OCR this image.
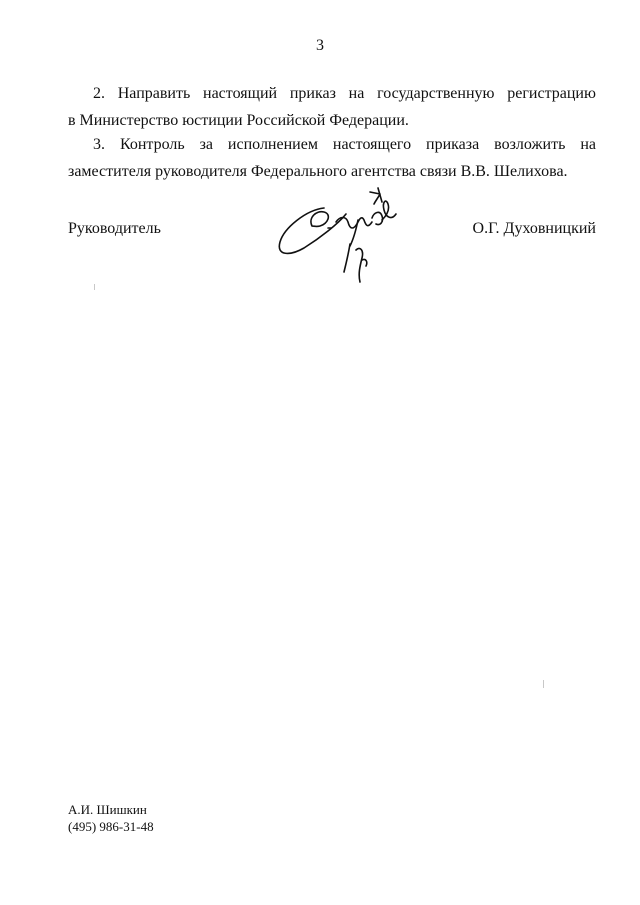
3
2. Направить настоящий приказ на государственную регистрацию
в Министерство юстиции Российской Федерации.

3. Контроль за исполнением настоящего приказа возложить на заместителя руководителя Федерального агентства связи В.В. Шелихова.

Руководитель	О.Г. Духовницкий
А.И. Шишкин
(495) 986-31-48
